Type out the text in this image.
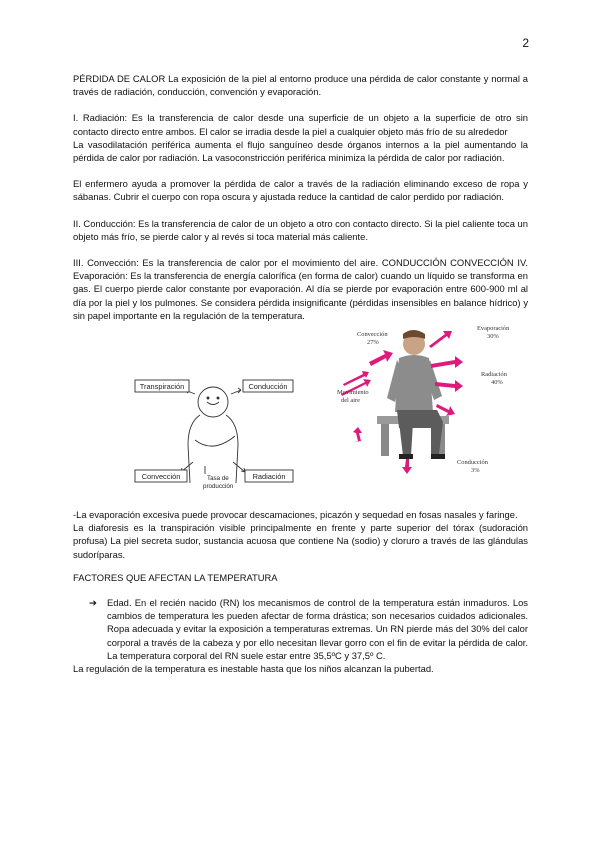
2

PÉRDIDA DE CALOR La exposición de la piel al entorno produce una pérdida de calor constante y normal a través de radiación, conducción, convención y evaporación.

I. Radiación: Es la transferencia de calor desde una superficie de un objeto a la superficie de otro sin contacto directo entre ambos. El calor se irradia desde la piel a cualquier objeto más frío de su alrededor

La vasodilatación periférica aumenta el flujo sanguíneo desde órganos internos a la piel aumentando la pérdida de calor por radiación. La vasoconstricción periférica minimiza la pérdida de calor por radiación.

El enfermero ayuda a promover la pérdida de calor a través de la radiación eliminando exceso de ropa y sábanas. Cubrir el cuerpo con ropa oscura y ajustada reduce la cantidad de calor perdido por radiación.

II. Conducción: Es la transferencia de calor de un objeto a otro con contacto directo. Si la piel caliente toca un objeto más frío, se pierde calor y al revés si toca material más caliente.

III. Convección: Es la transferencia de calor por el movimiento del aire. CONDUCCIÓN CONVECCIÓN IV. Evaporación: Es la transferencia de energía calorífica (en forma de calor) cuando un líquido se transforma en gas. El cuerpo pierde calor constante por evaporación. Al día se pierde por evaporación entre 600-900 ml al día por la piel y los pulmones. Se considera pérdida insignificante (pérdidas insensibles en balance hídrico) y sin papel importante en la regulación de la temperatura.

Transpiración	Conducción
Convección	Radiación
Tasa de
producción
Convección
27%
Evaporación
30%
Radiación
40%
Movimiento
del aire
Conducción
3%

-La evaporación excesiva puede provocar descamaciones, picazón y sequedad en fosas nasales y faringe.

La diaforesis es la transpiración visible principalmente en frente y parte superior del tórax (sudoración profusa) La piel secreta sudor, sustancia acuosa que contiene Na (sodio) y cloruro a través de las glándulas sudoríparas.

FACTORES QUE AFECTAN LA TEMPERATURA

➔ Edad. En el recién nacido (RN) los mecanismos de control de la temperatura están inmaduros. Los cambios de temperatura les pueden afectar de forma drástica; son necesarios cuidados adicionales. Ropa adecuada y evitar la exposición a temperaturas extremas. Un RN pierde más del 30% del calor corporal a través de la cabeza y por ello necesitan llevar gorro con el fin de evitar la pérdida de calor. La temperatura corporal del RN suele estar entre 35,5ºC y 37,5º C.

La regulación de la temperatura es inestable hasta que los niños alcanzan la pubertad.
